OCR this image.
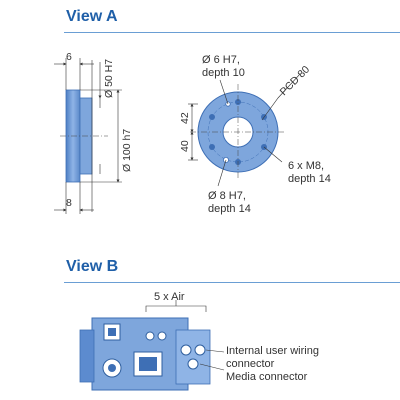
View A
View B
6
8
Ø 50 H7
Ø 100 h7
42
40
PCD 80

Ø 6 H7,
depth 10

6 x M8,
depth 14

Ø 8 H7,
depth 14

5 x Air

Internal user wiring
connector
Media connector
